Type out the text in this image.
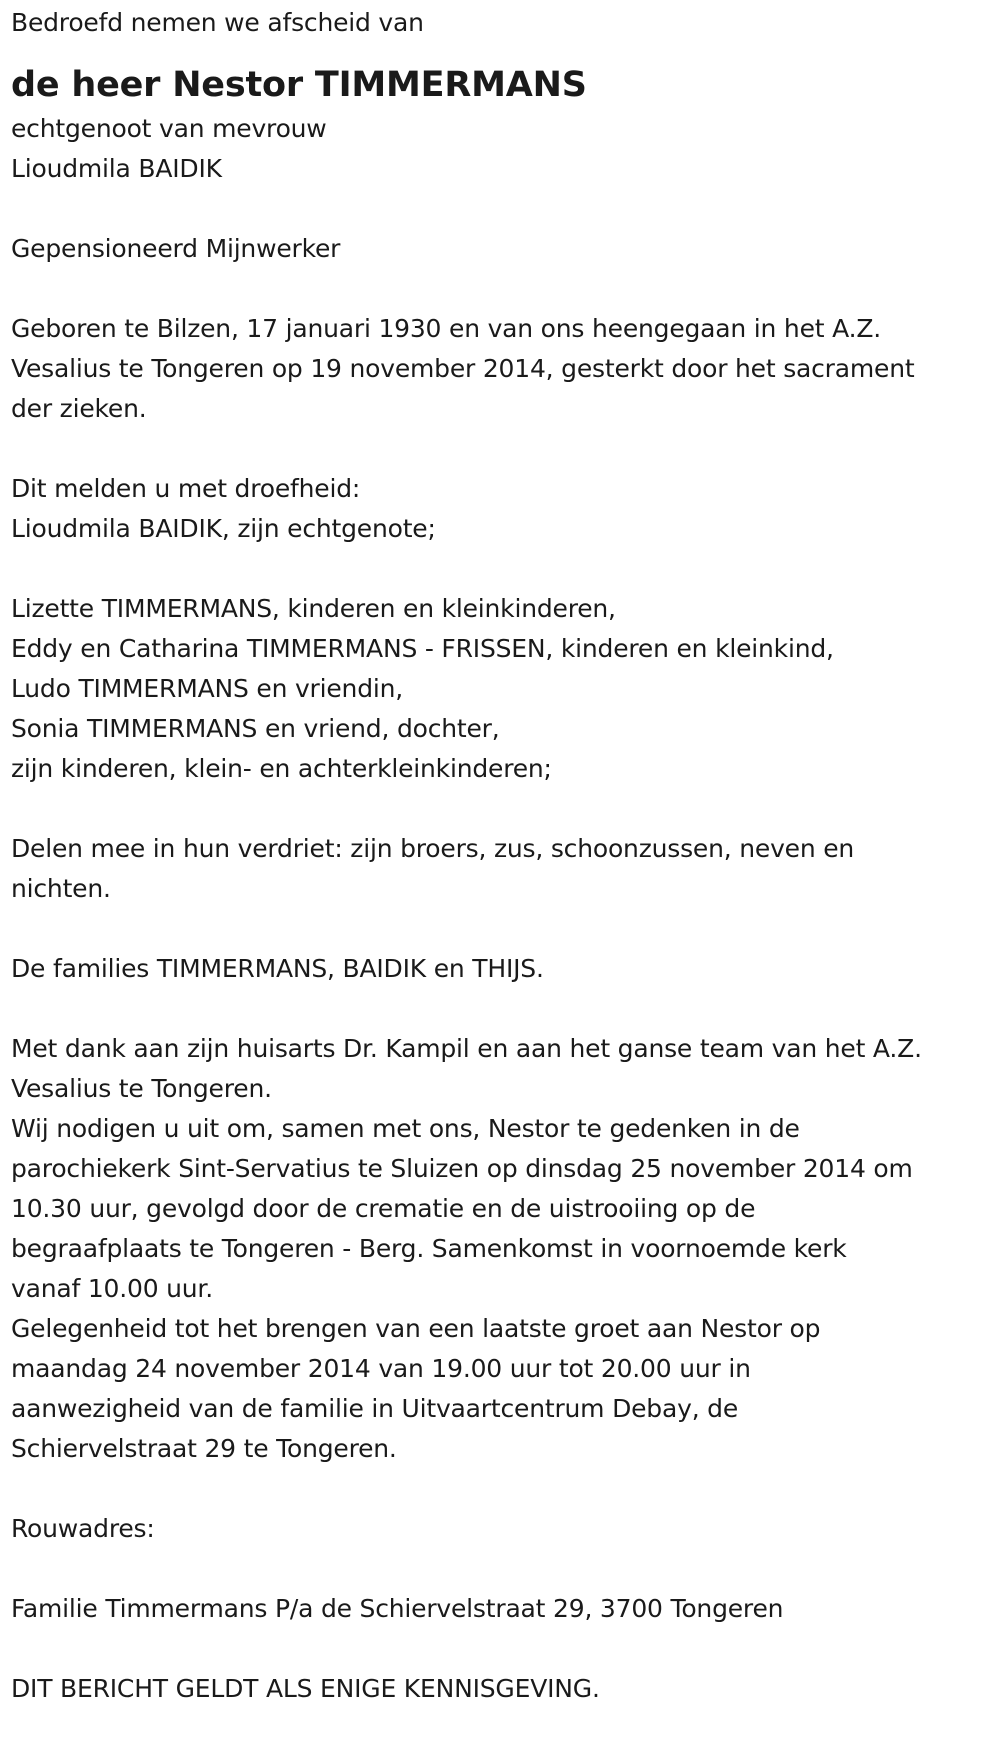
Bedroefd nemen we afscheid van
de heer Nestor TIMMERMANS
echtgenoot van mevrouw
Lioudmila BAIDIK
Gepensioneerd Mijnwerker
Geboren te Bilzen, 17 januari 1930 en van ons heengegaan in het A.Z.
Vesalius te Tongeren op 19 november 2014, gesterkt door het sacrament
der zieken.
Dit melden u met droefheid:
Lioudmila BAIDIK, zijn echtgenote;
Lizette TIMMERMANS, kinderen en kleinkinderen,
Eddy en Catharina TIMMERMANS - FRISSEN, kinderen en kleinkind,
Ludo TIMMERMANS en vriendin,
Sonia TIMMERMANS en vriend, dochter,
zijn kinderen, klein- en achterkleinkinderen;
Delen mee in hun verdriet: zijn broers, zus, schoonzussen, neven en
nichten.
De families TIMMERMANS, BAIDIK en THIJS.
Met dank aan zijn huisarts Dr. Kampil en aan het ganse team van het A.Z.
Vesalius te Tongeren.
Wij nodigen u uit om, samen met ons, Nestor te gedenken in de
parochiekerk Sint-Servatius te Sluizen op dinsdag 25 november 2014 om
10.30 uur, gevolgd door de crematie en de uistrooiing op de
begraafplaats te Tongeren - Berg. Samenkomst in voornoemde kerk
vanaf 10.00 uur.
Gelegenheid tot het brengen van een laatste groet aan Nestor op
maandag 24 november 2014 van 19.00 uur tot 20.00 uur in
aanwezigheid van de familie in Uitvaartcentrum Debay, de
Schiervelstraat 29 te Tongeren.
Rouwadres:
Familie Timmermans P/a de Schiervelstraat 29, 3700 Tongeren
DIT BERICHT GELDT ALS ENIGE KENNISGEVING.
